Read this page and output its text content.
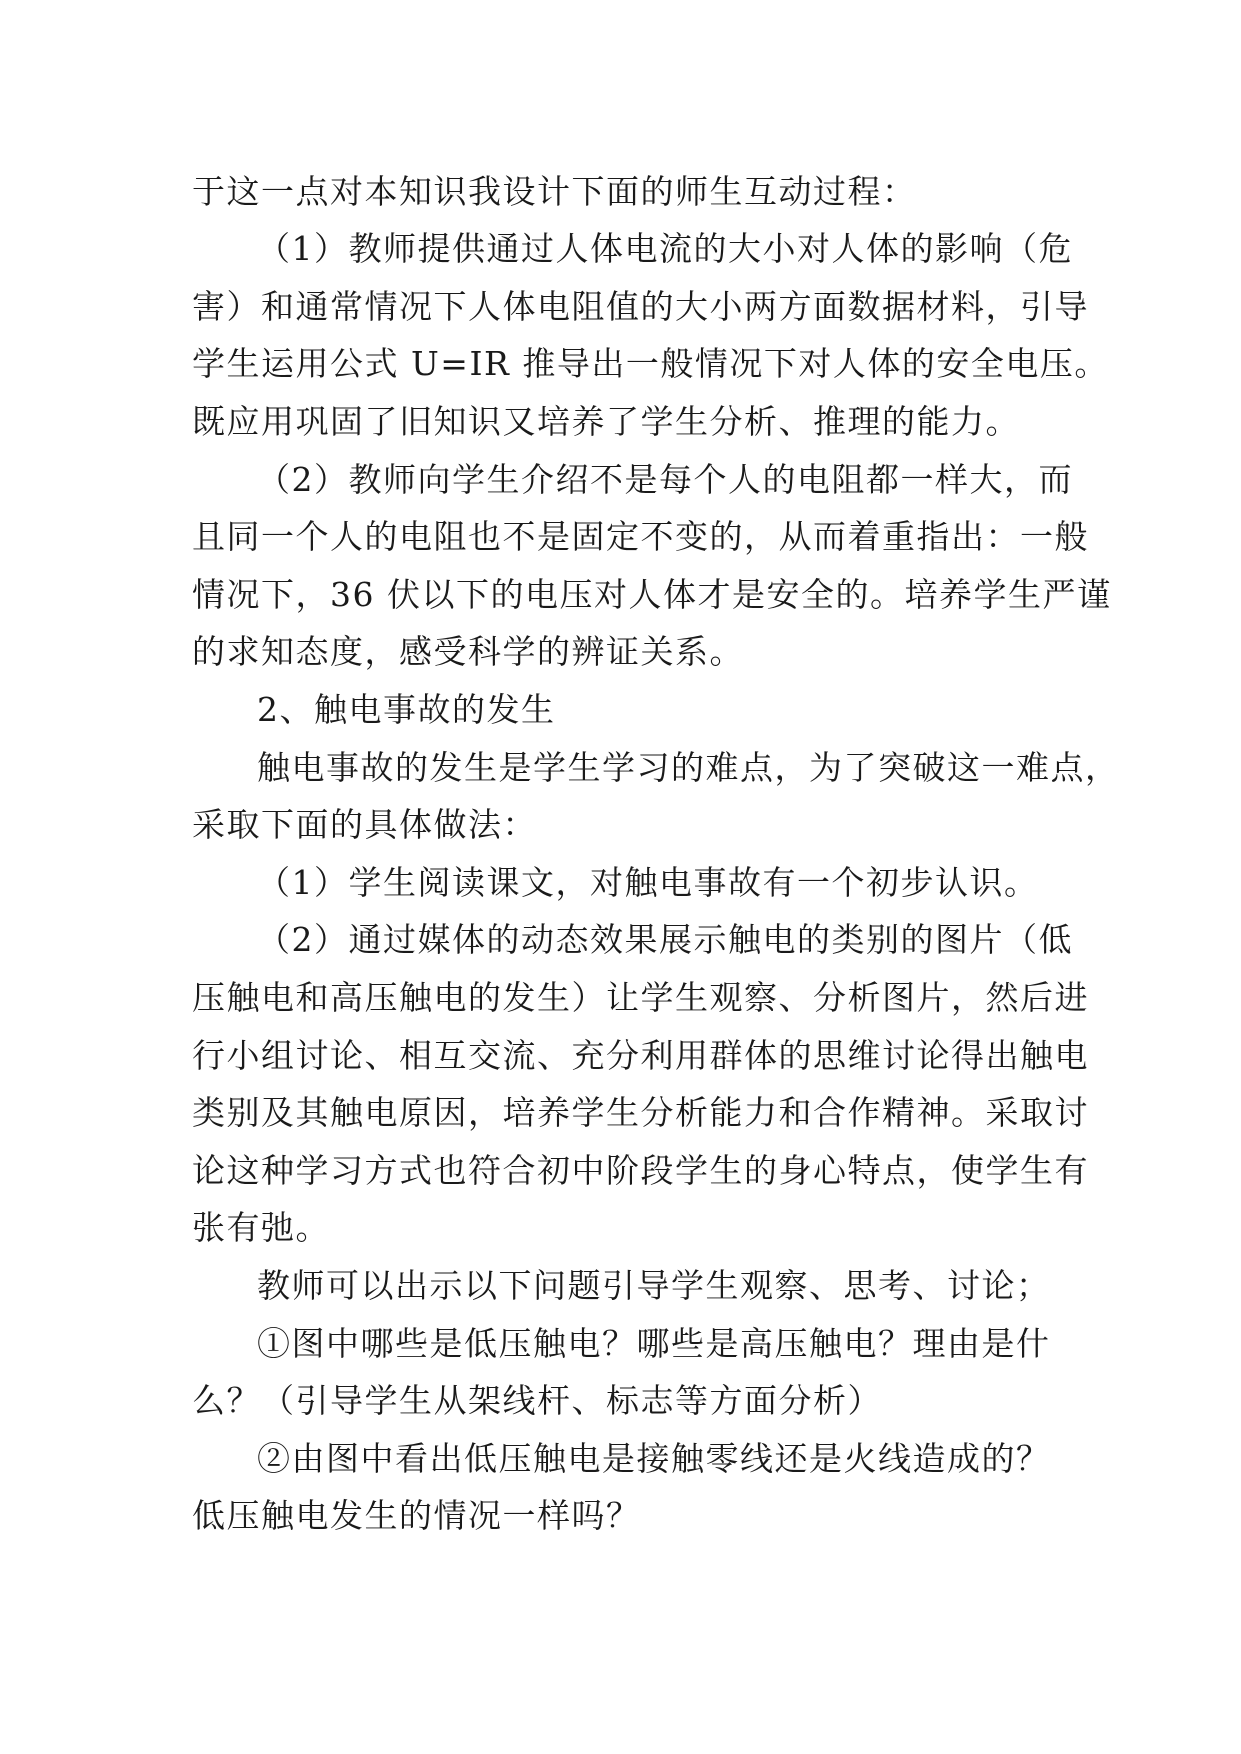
于这一点对本知识我设计下面的师生互动过程：

（1）教师提供通过人体电流的大小对人体的影响（危

害）和通常情况下人体电阻值的大小两方面数据材料，引导

学生运用公式 U=IR 推导出一般情况下对人体的安全电压。

既应用巩固了旧知识又培养了学生分析、推理的能力。

（2）教师向学生介绍不是每个人的电阻都一样大，而

且同一个人的电阻也不是固定不变的，从而着重指出：一般

情况下，36 伏以下的电压对人体才是安全的。培养学生严谨

的求知态度，感受科学的辨证关系。

2、触电事故的发生

触电事故的发生是学生学习的难点，为了突破这一难点，

采取下面的具体做法：

（1）学生阅读课文，对触电事故有一个初步认识。

（2）通过媒体的动态效果展示触电的类别的图片（低

压触电和高压触电的发生）让学生观察、分析图片，然后进

行小组讨论、相互交流、充分利用群体的思维讨论得出触电

类别及其触电原因，培养学生分析能力和合作精神。采取讨

论这种学习方式也符合初中阶段学生的身心特点，使学生有

张有弛。

教师可以出示以下问题引导学生观察、思考、讨论；

①图中哪些是低压触电？哪些是高压触电？理由是什

么？（引导学生从架线杆、标志等方面分析）

②由图中看出低压触电是接触零线还是火线造成的？

低压触电发生的情况一样吗？
